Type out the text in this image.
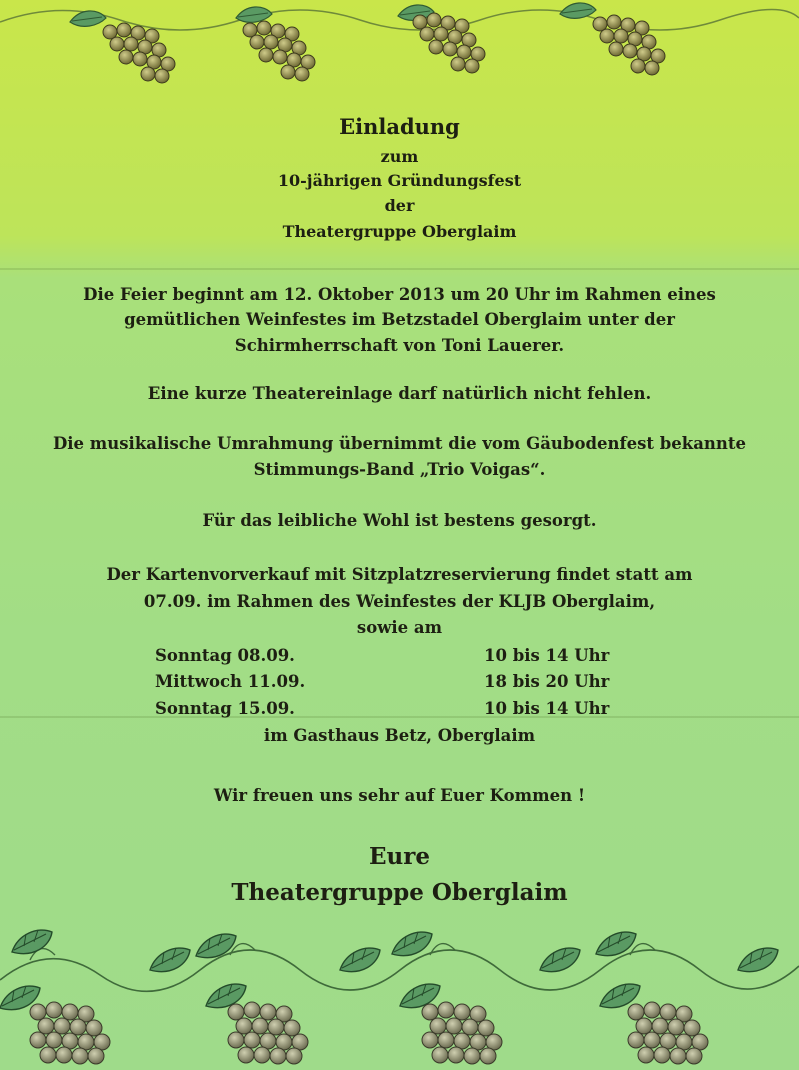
Einladung
zum
10-jährigen Gründungsfest
der
Theatergruppe Oberglaim
Die Feier beginnt am 12. Oktober 2013 um 20 Uhr im Rahmen eines
gemütlichen Weinfestes im Betzstadel Oberglaim unter der
Schirmherrschaft von Toni Lauerer.
Eine kurze Theatereinlage darf natürlich nicht fehlen.
Die musikalische Umrahmung übernimmt die vom Gäubodenfest bekannte
Stimmungs-Band „Trio Voigas“.
Für das leibliche Wohl ist bestens gesorgt.
Der Kartenvorverkauf mit Sitzplatzreservierung findet statt am
07.09. im Rahmen des Weinfestes der KLJB Oberglaim,
sowie am
Sonntag 08.09.	10 bis 14 Uhr
Mittwoch 11.09.	18 bis 20 Uhr
Sonntag 15.09.	10 bis 14 Uhr
im Gasthaus Betz, Oberglaim
Wir freuen uns sehr auf Euer Kommen !
Eure
Theatergruppe Oberglaim
